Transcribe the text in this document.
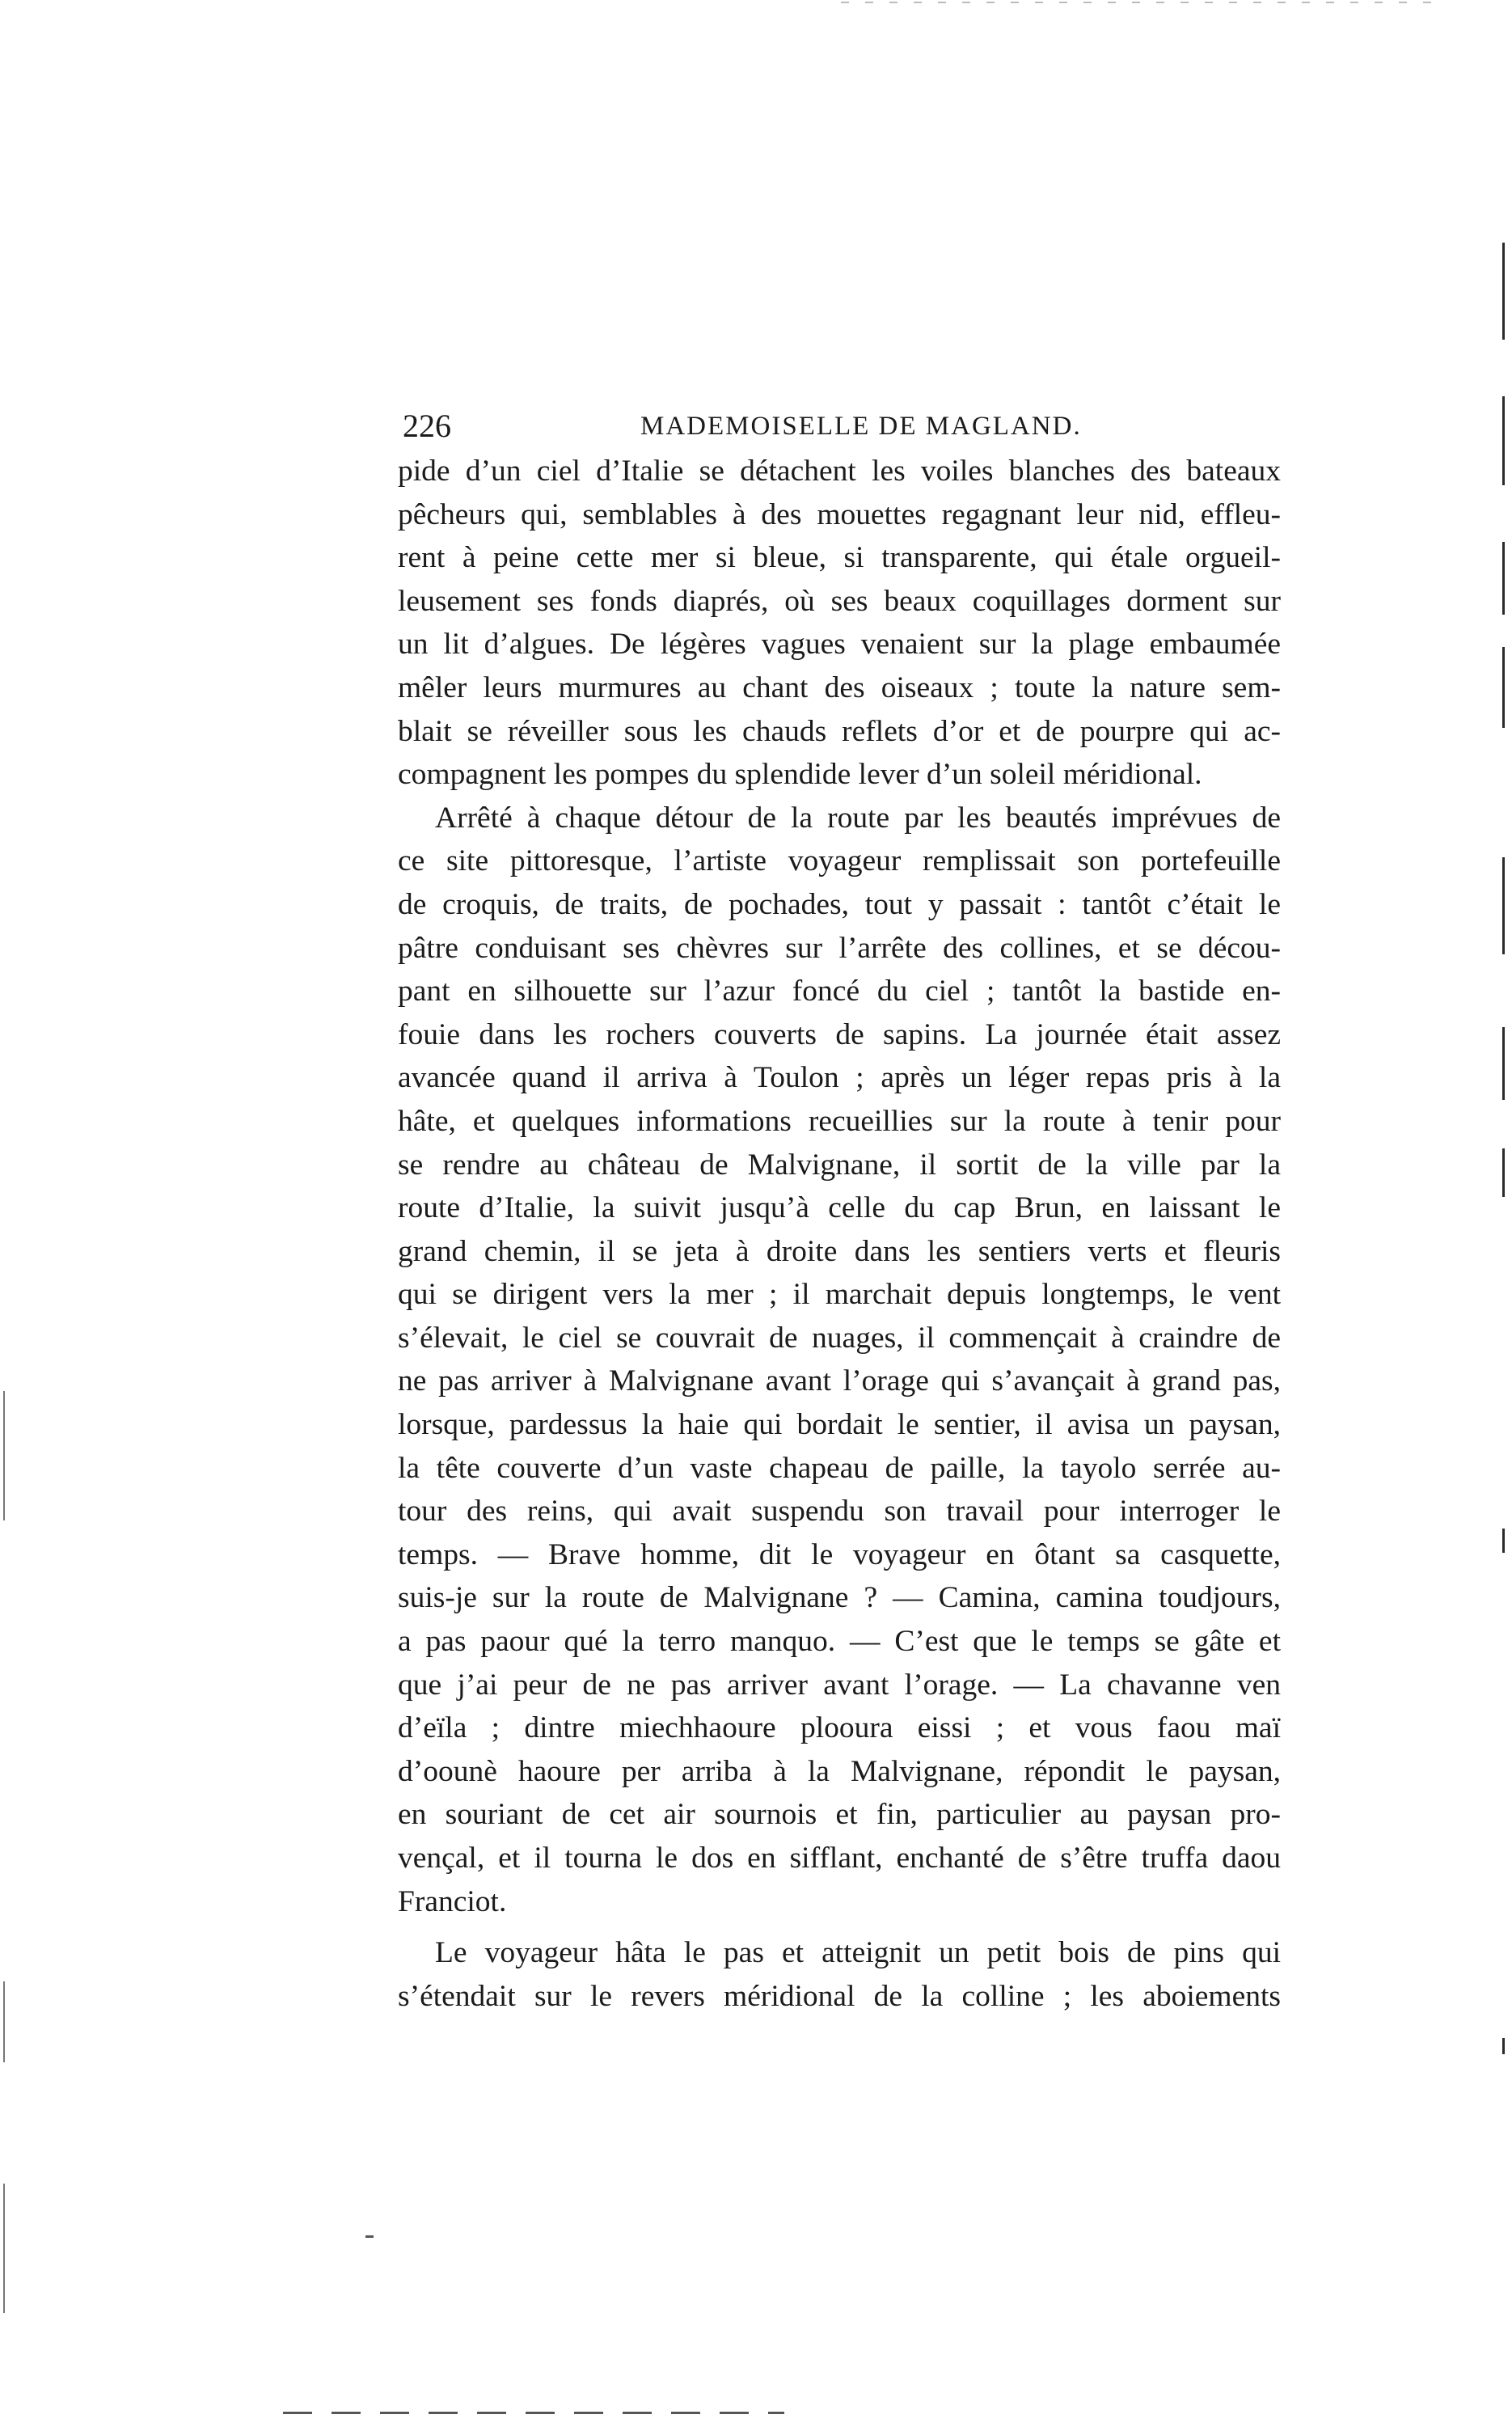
226	MADEMOISELLE DE MAGLAND.
pide d’un ciel d’Italie se détachent les voiles blanches des bateaux
pêcheurs qui, semblables à des mouettes regagnant leur nid, effleu-
rent à peine cette mer si bleue, si transparente, qui étale orgueil-
leusement ses fonds diaprés, où ses beaux coquillages dorment sur
un lit d’algues. De légères vagues venaient sur la plage embaumée
mêler leurs murmures au chant des oiseaux ; toute la nature sem-
blait se réveiller sous les chauds reflets d’or et de pourpre qui ac-
compagnent les pompes du splendide lever d’un soleil méridional.
Arrêté à chaque détour de la route par les beautés imprévues de
ce site pittoresque, l’artiste voyageur remplissait son portefeuille
de croquis, de traits, de pochades, tout y passait : tantôt c’était le
pâtre conduisant ses chèvres sur l’arrête des collines, et se décou-
pant en silhouette sur l’azur foncé du ciel ; tantôt la bastide en-
fouie dans les rochers couverts de sapins. La journée était assez
avancée quand il arriva à Toulon ; après un léger repas pris à la
hâte, et quelques informations recueillies sur la route à tenir pour
se rendre au château de Malvignane, il sortit de la ville par la
route d’Italie, la suivit jusqu’à celle du cap Brun, en laissant le
grand chemin, il se jeta à droite dans les sentiers verts et fleuris
qui se dirigent vers la mer ; il marchait depuis longtemps, le vent
s’élevait, le ciel se couvrait de nuages, il commençait à craindre de
ne pas arriver à Malvignane avant l’orage qui s’avançait à grand pas,
lorsque, pardessus la haie qui bordait le sentier, il avisa un paysan,
la tête couverte d’un vaste chapeau de paille, la tayolo serrée au-
tour des reins, qui avait suspendu son travail pour interroger le
temps. — Brave homme, dit le voyageur en ôtant sa casquette,
suis-je sur la route de Malvignane ? — Camina, camina toudjours,
a pas paour qué la terro manquo. — C’est que le temps se gâte et
que j’ai peur de ne pas arriver avant l’orage. — La chavanne ven
d’eïla ; dintre miechhaoure plooura eissi ; et vous faou maï
d’oounè haoure per arriba à la Malvignane, répondit le paysan,
en souriant de cet air sournois et fin, particulier au paysan pro-
vençal, et il tourna le dos en sifflant, enchanté de s’être truffa daou
Franciot.
Le voyageur hâta le pas et atteignit un petit bois de pins qui
s’étendait sur le revers méridional de la colline ; les aboiements
